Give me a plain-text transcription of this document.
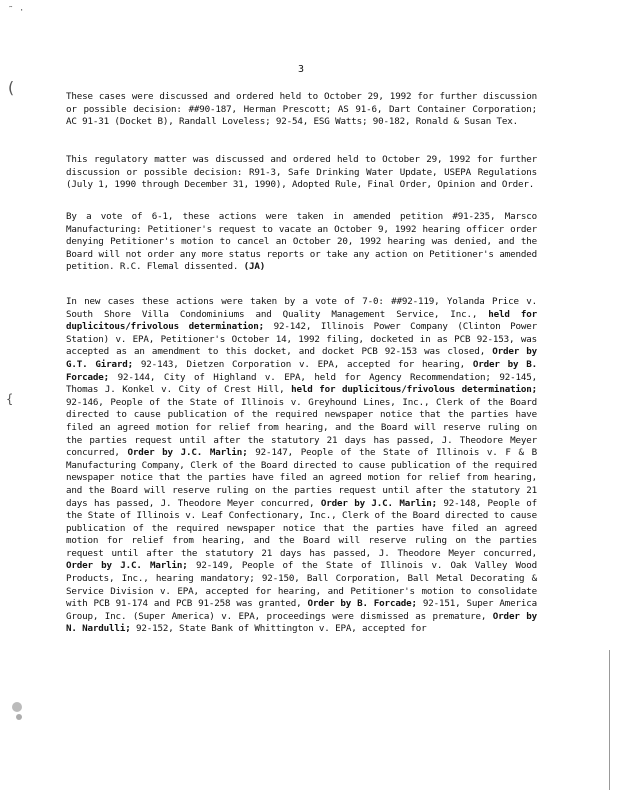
3

These cases were discussed and ordered held to October 29, 1992 for further discussion or possible decision: ##90-187, Herman Prescott; AS 91-6, Dart Container Corporation; AC 91-31 (Docket B), Randall Loveless; 92-54, ESG Watts; 90-182, Ronald & Susan Tex.

This regulatory matter was discussed and ordered held to October 29, 1992 for further discussion or possible decision: R91-3, Safe Drinking Water Update, USEPA Regulations (July 1, 1990 through December 31, 1990), Adopted Rule, Final Order, Opinion and Order.

By a vote of 6-1, these actions were taken in amended petition #91-235, Marsco Manufacturing: Petitioner's request to vacate an October 9, 1992 hearing officer order denying Petitioner's motion to cancel an October 20, 1992 hearing was denied, and the Board will not order any more status reports or take any action on Petitioner's amended petition. R.C. Flemal dissented. (JA)

In new cases these actions were taken by a vote of 7-0: ##92-119, Yolanda Price v. South Shore Villa Condominiums and Quality Management Service, Inc., held for duplicitous/frivolous determination; 92-142, Illinois Power Company (Clinton Power Station) v. EPA, Petitioner's October 14, 1992 filing, docketed in as PCB 92-153, was accepted as an amendment to this docket, and docket PCB 92-153 was closed, Order by G.T. Girard; 92-143, Dietzen Corporation v. EPA, accepted for hearing, Order by B. Forcade; 92-144, City of Highland v. EPA, held for Agency Recommendation; 92-145, Thomas J. Konkel v. City of Crest Hill, held for duplicitous/frivolous determination; 92-146, People of the State of Illinois v. Greyhound Lines, Inc., Clerk of the Board directed to cause publication of the required newspaper notice that the parties have filed an agreed motion for relief from hearing, and the Board will reserve ruling on the parties request until after the statutory 21 days has passed, J. Theodore Meyer concurred, Order by J.C. Marlin; 92-147, People of the State of Illinois v. F & B Manufacturing Company, Clerk of the Board directed to cause publication of the required newspaper notice that the parties have filed an agreed motion for relief from hearing, and the Board will reserve ruling on the parties request until after the statutory 21 days has passed, J. Theodore Meyer concurred, Order by J.C. Marlin; 92-148, People of the State of Illinois v. Leaf Confectionary, Inc., Clerk of the Board directed to cause publication of the required newspaper notice that the parties have filed an agreed motion for relief from hearing, and the Board will reserve ruling on the parties request until after the statutory 21 days has passed, J. Theodore Meyer concurred, Order by J.C. Marlin; 92-149, People of the State of Illinois v. Oak Valley Wood Products, Inc., hearing mandatory; 92-150, Ball Corporation, Ball Metal Decorating & Service Division v. EPA, accepted for hearing, and Petitioner's motion to consolidate with PCB 91-174 and PCB 91-258 was granted, Order by B. Forcade; 92-151, Super America Group, Inc. (Super America) v. EPA, proceedings were dismissed as premature, Order by N. Nardulli; 92-152, State Bank of Whittington v. EPA, accepted for

˜ ·
(
{
